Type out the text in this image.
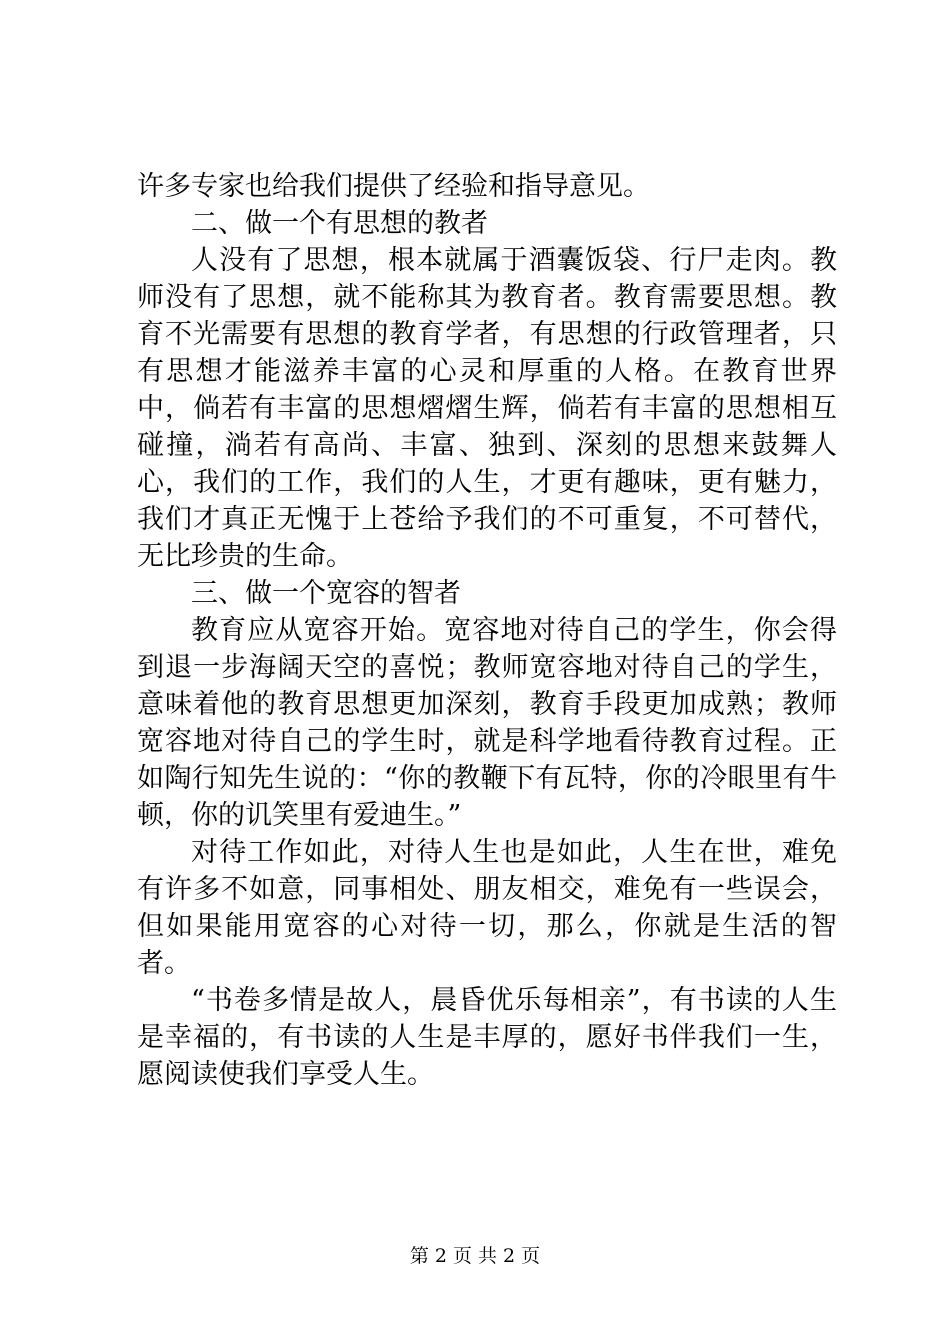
许多专家也给我们提供了经验和指导意见。

二、做一个有思想的教者

人没有了思想，根本就属于酒囊饭袋、行尸走肉。教师没有了思想，就不能称其为教育者。教育需要思想。教育不光需要有思想的教育学者，有思想的行政管理者，只有思想才能滋养丰富的心灵和厚重的人格。在教育世界中，倘若有丰富的思想熠熠生辉，倘若有丰富的思想相互碰撞，淌若有高尚、丰富、独到、深刻的思想来鼓舞人心，我们的工作，我们的人生，才更有趣味，更有魅力，我们才真正无愧于上苍给予我们的不可重复，不可替代，无比珍贵的生命。

三、做一个宽容的智者

教育应从宽容开始。宽容地对待自己的学生，你会得到退一步海阔天空的喜悦；教师宽容地对待自己的学生，意味着他的教育思想更加深刻，教育手段更加成熟；教师宽容地对待自己的学生时，就是科学地看待教育过程。正如陶行知先生说的：“你的教鞭下有瓦特，你的冷眼里有牛顿，你的讥笑里有爱迪生。”

对待工作如此，对待人生也是如此，人生在世，难免有许多不如意，同事相处、朋友相交，难免有一些误会，但如果能用宽容的心对待一切，那么，你就是生活的智者。

“书卷多情是故人，晨昏优乐每相亲”，有书读的人生是幸福的，有书读的人生是丰厚的，愿好书伴我们一生，愿阅读使我们享受人生。

第 2 页 共 2 页
